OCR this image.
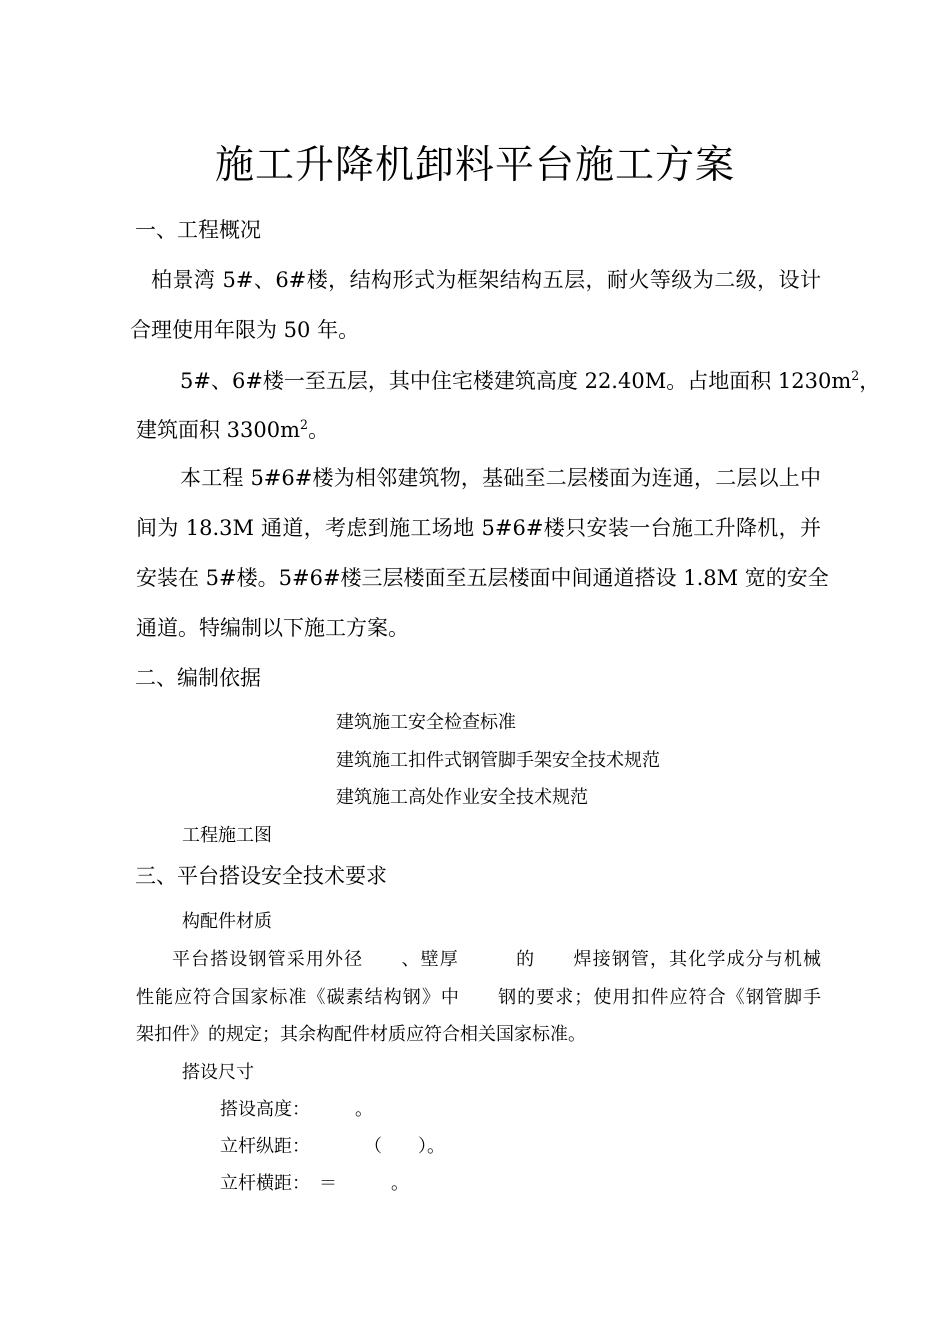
施工升降机卸料平台施工方案
一、工程概况
柏景湾 5#、6#楼，结构形式为框架结构五层，耐火等级为二级，设计
合理使用年限为 50 年。
5#、6#楼一至五层，其中住宅楼建筑高度 22.40M。占地面积 $1230m^2$，
建筑面积 $3300m^2$。
本工程 5#6#楼为相邻建筑物，基础至二层楼面为连通，二层以上中
间为 18.3M 通道，考虑到施工场地 5#6#楼只安装一台施工升降机，并
安装在 5#楼。5#6#楼三层楼面至五层楼面中间通道搭设 1.8M 宽的安全
通道。特编制以下施工方案。
二、编制依据
建筑施工安全检查标准
建筑施工扣件式钢管脚手架安全技术规范
建筑施工高处作业安全技术规范
工程施工图
三、平台搭设安全技术要求
构配件材质
平台搭设钢管采用外径　　、壁厚　　　的　　焊接钢管，其化学成分与机械
性能应符合国家标准《碳素结构钢》中　　钢的要求；使用扣件应符合《钢管脚手
架扣件》的规定；其余构配件材质应符合相关国家标准。
搭设尺寸
搭设高度：　　　。
立杆纵距：　　　　（　　）。
立杆横距：　＝　　　。
